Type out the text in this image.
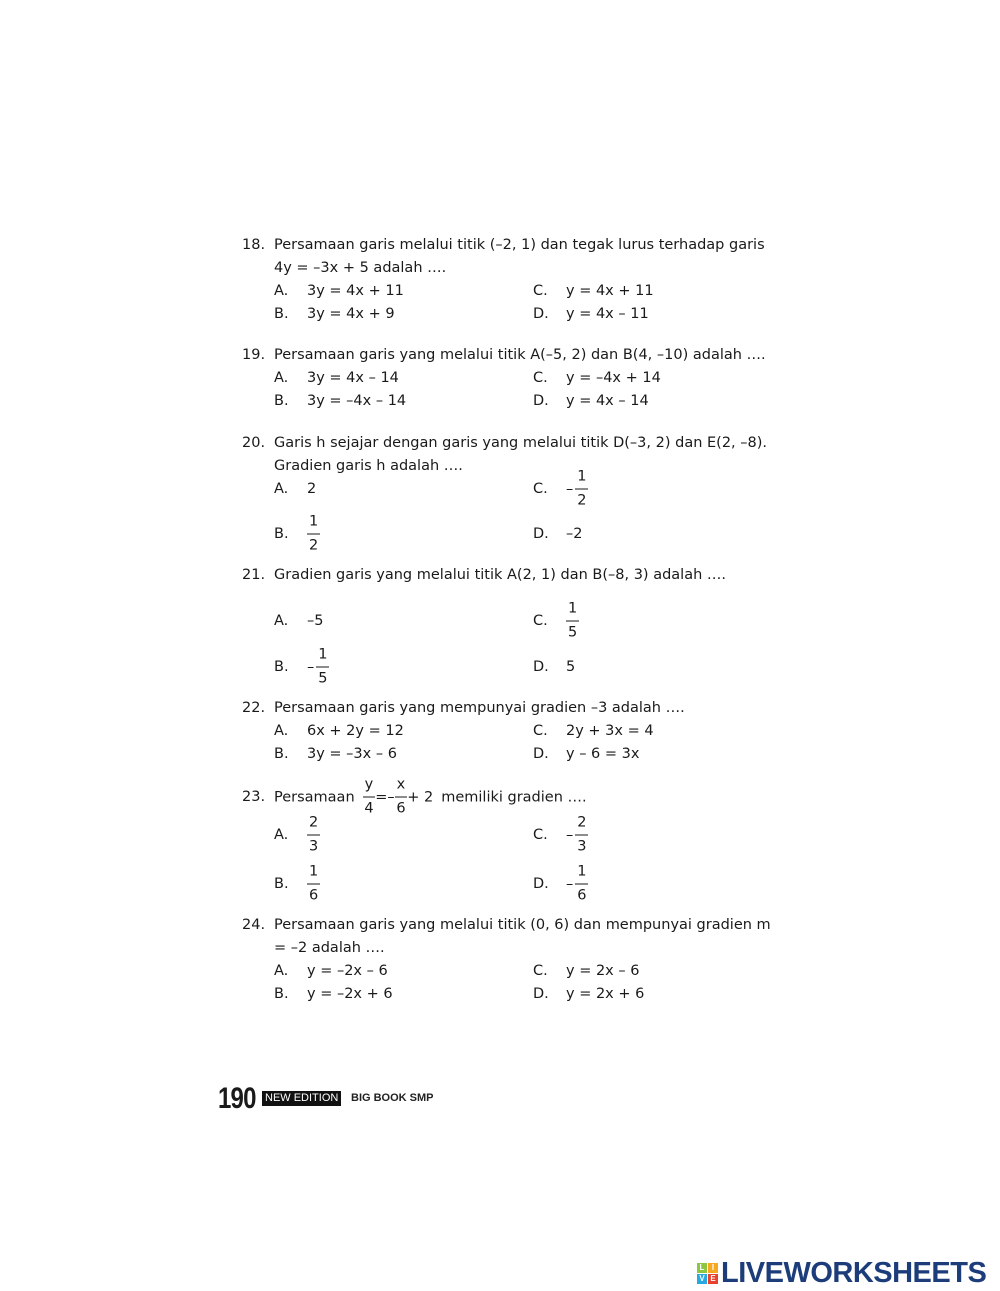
18. Persamaan garis melalui titik (–2, 1) dan tegak lurus terhadap garis
4y = –3x + 5 adalah ….
A. 3y = 4x + 11
B. 3y = 4x + 9
C. y = 4x + 11
D. y = 4x – 11
19. Persamaan garis yang melalui titik A(–5, 2) dan B(4, –10) adalah ….
A. 3y = 4x – 14
B. 3y = –4x – 14
C. y = –4x + 14
D. y = 4x – 14
20. Garis h sejajar dengan garis yang melalui titik D(–3, 2) dan E(2, –8).
Gradien garis h adalah ….
A. 2
B. $\frac{1}{2}$
C. – $\frac{1}{2}$
D. –2
21. Gradien garis yang melalui titik A(2, 1) dan B(–8, 3) adalah ….
A. –5
B. – $\frac{1}{5}$
C. $\frac{1}{5}$
D. 5
22. Persamaan garis yang mempunyai gradien –3 adalah ….
A. 6x + 2y = 12
B. 3y = –3x – 6
C. 2y + 3x = 4
D. y – 6 = 3x
23. Persamaan $\frac{y}{4}$ = – $\frac{x}{6} + 2$ memiliki gradien ….
A. $\frac{2}{3}$
B. $\frac{1}{6}$
C. – $\frac{2}{3}$
D. – $\frac{1}{6}$
24. Persamaan garis yang melalui titik (0, 6) dan mempunyai gradien m
= –2 adalah ….
A. y = –2x – 6
B. y = –2x + 6
C. y = 2x – 6
D. y = 2x + 6
190 NEW EDITION BIG BOOK SMP
L I
V E LIVEWORKSHEETS
